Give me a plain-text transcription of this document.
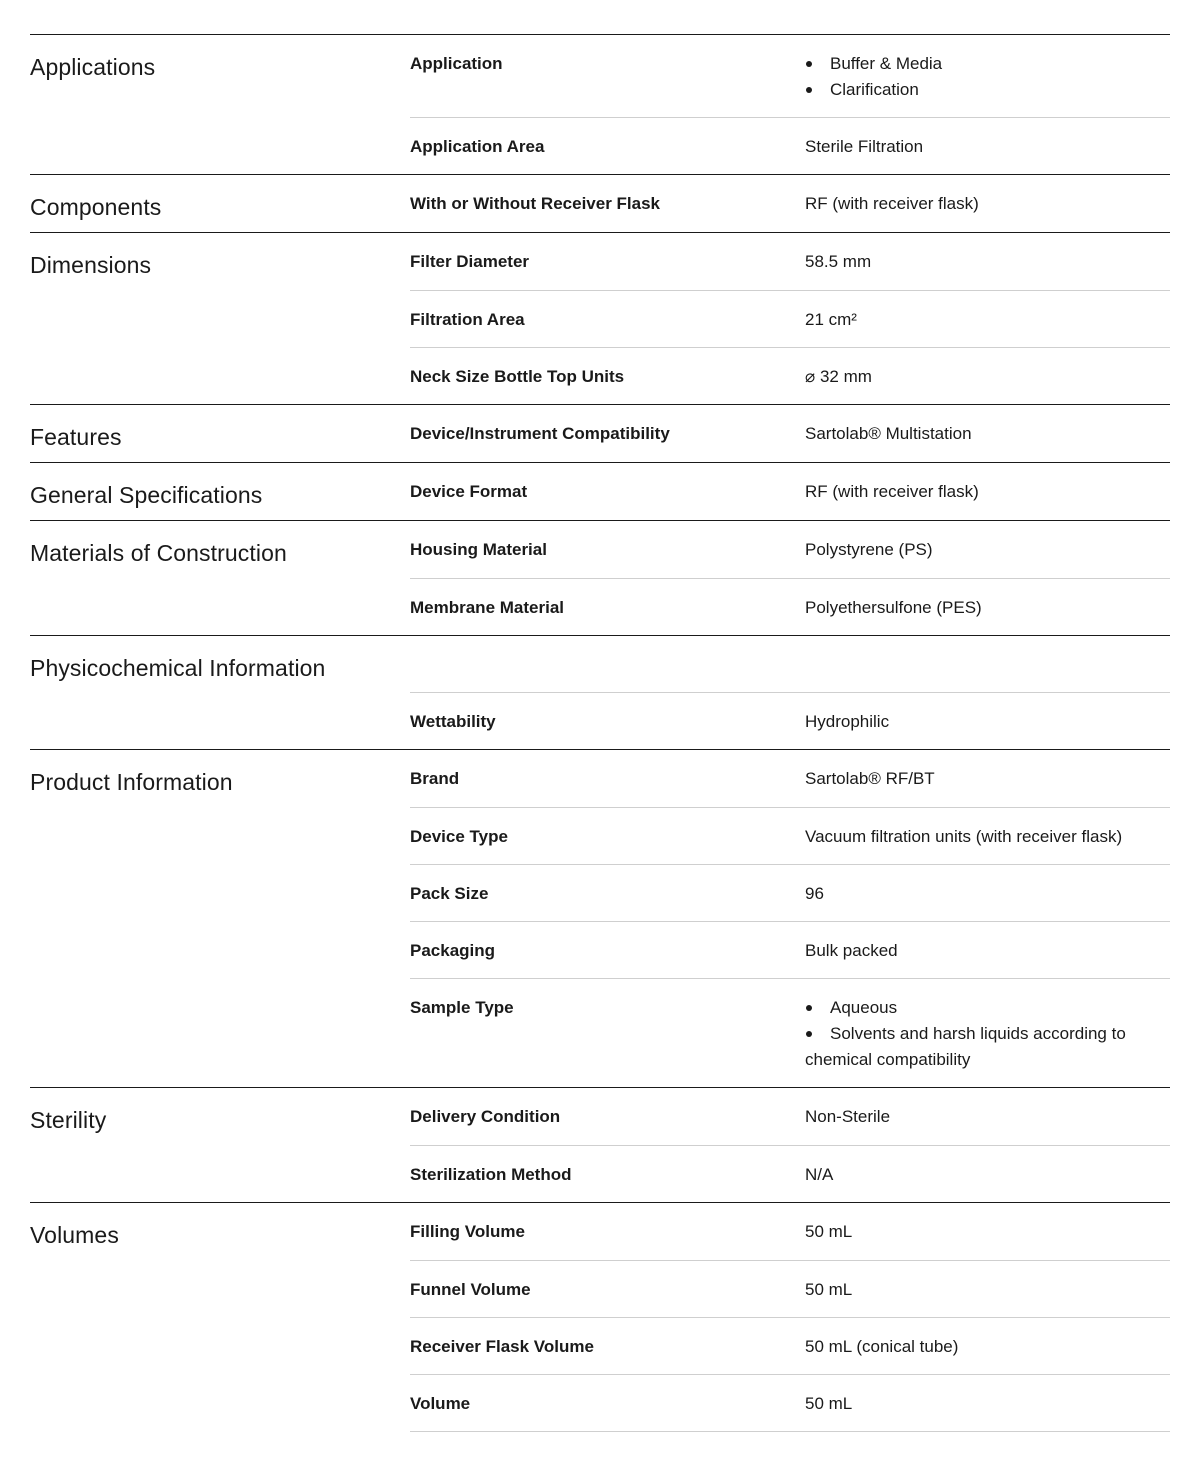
Applications	Application	Buffer & Media
Clarification
Application Area	Sterile Filtration
Components	With or Without Receiver Flask	RF (with receiver flask)
Dimensions	Filter Diameter	58.5 mm
Filtration Area	21 cm²
Neck Size Bottle Top Units	⌀ 32 mm
Features	Device/Instrument Compatibility	Sartolab® Multistation
General Specifications	Device Format	RF (with receiver flask)
Materials of Construction	Housing Material	Polystyrene (PS)
Membrane Material	Polyethersulfone (PES)
Physicochemical Information
Wettability	Hydrophilic
Product Information	Brand	Sartolab® RF/BT
Device Type	Vacuum filtration units (with receiver flask)
Pack Size	96
Packaging	Bulk packed
Sample Type	Aqueous
Solvents and harsh liquids according to
chemical compatibility
Sterility	Delivery Condition	Non-Sterile
Sterilization Method	N/A
Volumes	Filling Volume	50 mL
Funnel Volume	50 mL
Receiver Flask Volume	50 mL (conical tube)
Volume	50 mL
